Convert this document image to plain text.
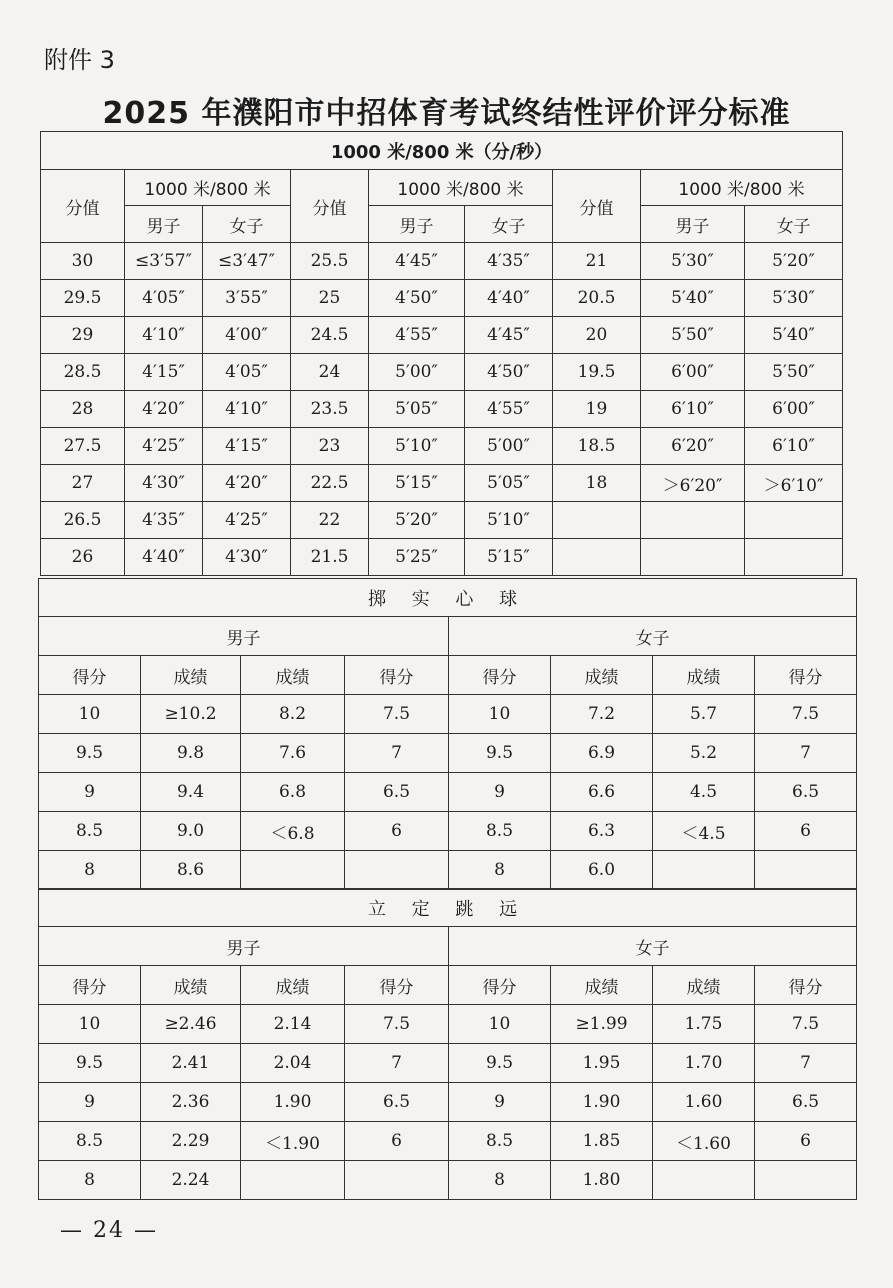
附件 3
2025 年濮阳市中招体育考试终结性评价评分标准
1000 米/800 米（分/秒）								
分值	1000 米/800 米		分值	1000 米/800 米		分值	1000 米/800 米	
	男子	女子		男子	女子		男子	女子
30	≤3′57″	≤3′47″	25.5	4′45″	4′35″	21	5′30″	5′20″
29.5	4′05″	3′55″	25	4′50″	4′40″	20.5	5′40″	5′30″
29	4′10″	4′00″	24.5	4′55″	4′45″	20	5′50″	5′40″
28.5	4′15″	4′05″	24	5′00″	4′50″	19.5	6′00″	5′50″
28	4′20″	4′10″	23.5	5′05″	4′55″	19	6′10″	6′00″
27.5	4′25″	4′15″	23	5′10″	5′00″	18.5	6′20″	6′10″
27	4′30″	4′20″	22.5	5′15″	5′05″	18	＞6′20″	＞6′10″
26.5	4′35″	4′25″	22	5′20″	5′10″			
26	4′40″	4′30″	21.5	5′25″	5′15″			
掷 实 心 球							
男子				女子			
得分	成绩	成绩	得分	得分	成绩	成绩	得分
10	≥10.2	8.2	7.5	10	7.2	5.7	7.5
9.5	9.8	7.6	7	9.5	6.9	5.2	7
9	9.4	6.8	6.5	9	6.6	4.5	6.5
8.5	9.0	＜6.8	6	8.5	6.3	＜4.5	6
8	8.6			8	6.0		
立 定 跳 远							
男子				女子			
得分	成绩	成绩	得分	得分	成绩	成绩	得分
10	≥2.46	2.14	7.5	10	≥1.99	1.75	7.5
9.5	2.41	2.04	7	9.5	1.95	1.70	7
9	2.36	1.90	6.5	9	1.90	1.60	6.5
8.5	2.29	＜1.90	6	8.5	1.85	＜1.60	6
8	2.24			8	1.80		
— 24 —
